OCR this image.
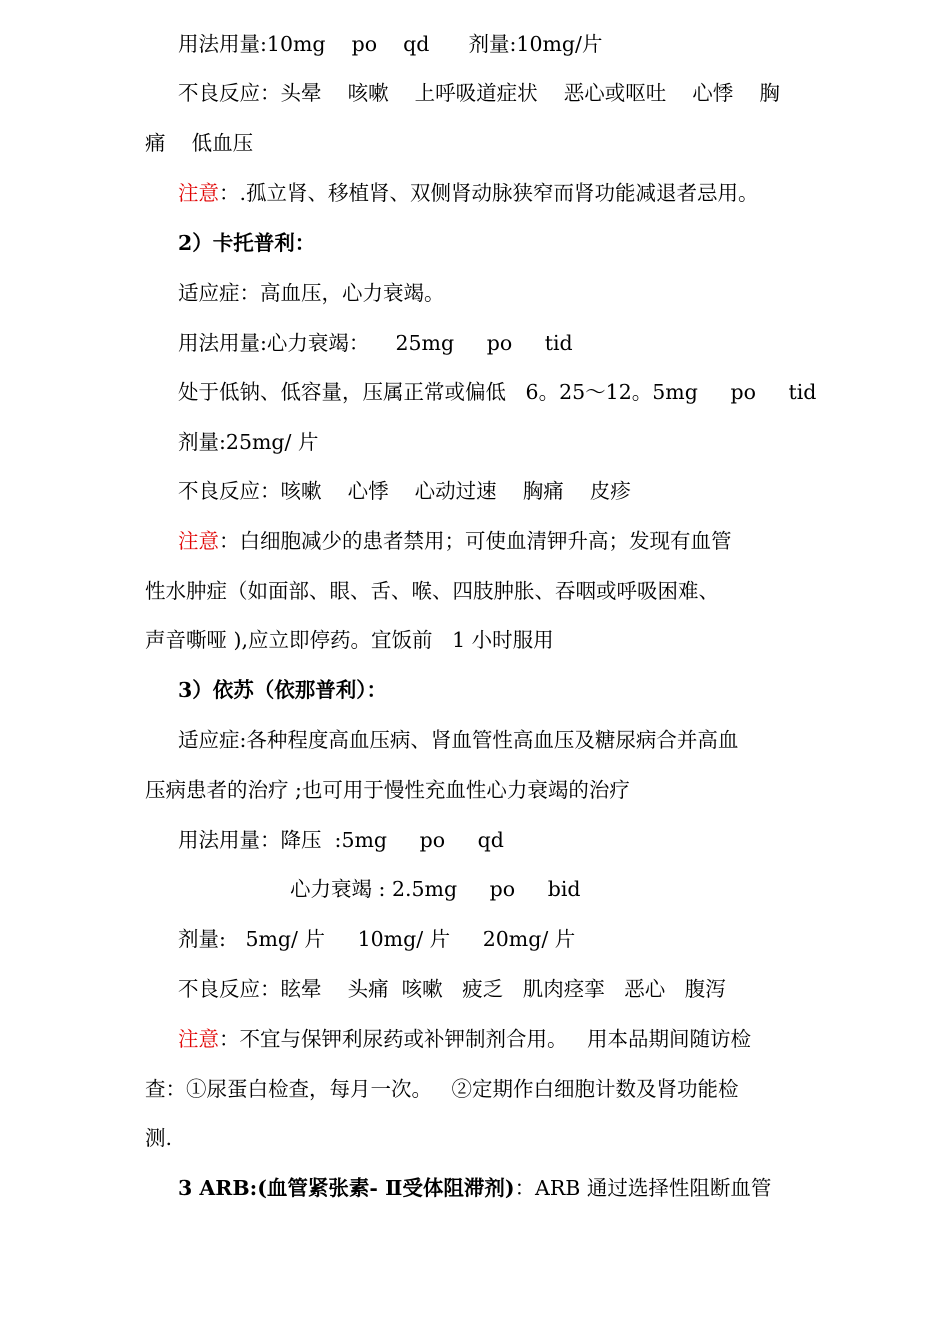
用法用量:10mg    po    qd      剂量:10mg/片
不良反应：头晕    咳嗽    上呼吸道症状    恶心或呕吐    心悸    胸
痛    低血压
注意：.孤立肾、移植肾、双侧肾动脉狭窄而肾功能减退者忌用。
2）卡托普利：
适应症：高血压，心力衰竭。
用法用量:心力衰竭：    25mg     po     tid
处于低钠、低容量，压属正常或偏低   6。25～12。5mg     po     tid
剂量:25mg/ 片
不良反应：咳嗽    心悸    心动过速    胸痛    皮疹
注意：白细胞减少的患者禁用；可使血清钾升高；发现有血管
性水肿症（如面部、眼、舌、喉、四肢肿胀、吞咽或呼吸困难、
声音嘶哑 ),应立即停药。宜饭前   1 小时服用
3）依苏（依那普利）：
适应症:各种程度高血压病、肾血管性高血压及糖尿病合并高血
压病患者的治疗 ;也可用于慢性充血性心力衰竭的治疗
用法用量：降压  :5mg     po     qd
心力衰竭 : 2.5mg     po     bid
剂量:   5mg/ 片     10mg/ 片     20mg/ 片
不良反应：眩晕    头痛  咳嗽   疲乏   肌肉痉挛   恶心   腹泻
注意：不宜与保钾利尿药或补钾制剂合用。   用本品期间随访检
查：①尿蛋白检查，每月一次。   ②定期作白细胞计数及肾功能检
测.
3 ARB:(血管紧张素- Ⅱ受体阻滞剂)：ARB 通过选择性阻断血管
